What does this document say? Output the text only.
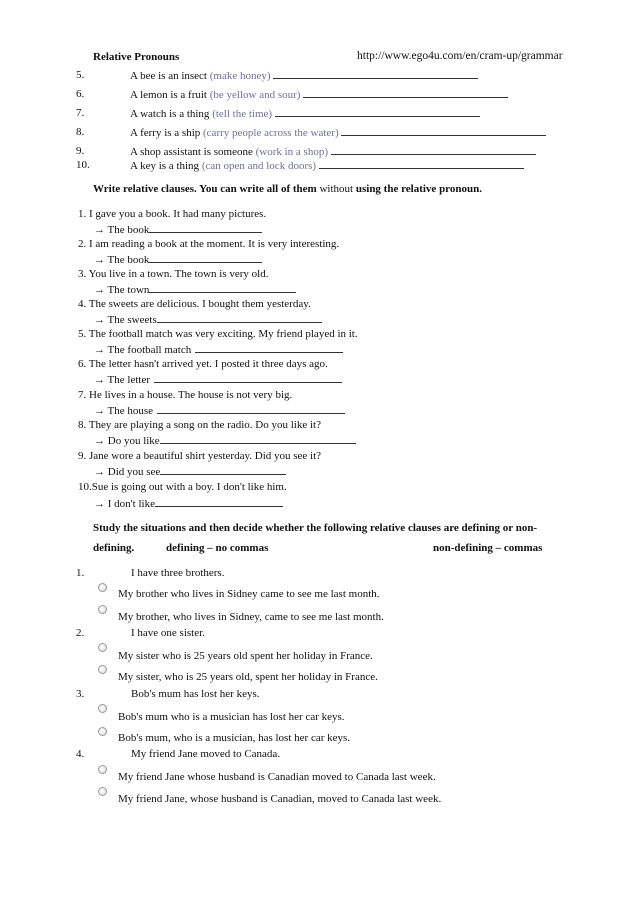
Relative Pronouns	http://www.ego4u.com/en/cram-up/grammar
5.	A bee is an insect (make honey)
6.	A lemon is a fruit (be yellow and sour)
7.	A watch is a thing (tell the time)
8.	A ferry is a ship (carry people across the water)
9.	A shop assistant is someone (work in a shop)
10.	A key is a thing (can open and lock doors)
Write relative clauses. You can write all of them without using the relative pronoun.
1. I gave you a book. It had many pictures.
→ The book
2. I am reading a book at the moment. It is very interesting.
→ The book
3. You live in a town. The town is very old.
→ The town
4. The sweets are delicious. I bought them yesterday.
→ The sweets
5. The football match was very exciting. My friend played in it.
→ The football match
6. The letter hasn't arrived yet. I posted it three days ago.
→ The letter
7. He lives in a house. The house is not very big.
→ The house
8. They are playing a song on the radio. Do you like it?
→ Do you like
9. Jane wore a beautiful shirt yesterday. Did you see it?
→ Did you see
10.Sue is going out with a boy. I don't like him.
→ I don't like
Study the situations and then decide whether the following relative clauses are defining or non-
defining.	defining – no commas	non-defining – commas
1.	I have three brothers.
My brother who lives in Sidney came to see me last month.
My brother, who lives in Sidney, came to see me last month.
2.	I have one sister.
My sister who is 25 years old spent her holiday in France.
My sister, who is 25 years old, spent her holiday in France.
3.	Bob's mum has lost her keys.
Bob's mum who is a musician has lost her car keys.
Bob's mum, who is a musician, has lost her car keys.
4.	My friend Jane moved to Canada.
My friend Jane whose husband is Canadian moved to Canada last week.
My friend Jane, whose husband is Canadian, moved to Canada last week.
